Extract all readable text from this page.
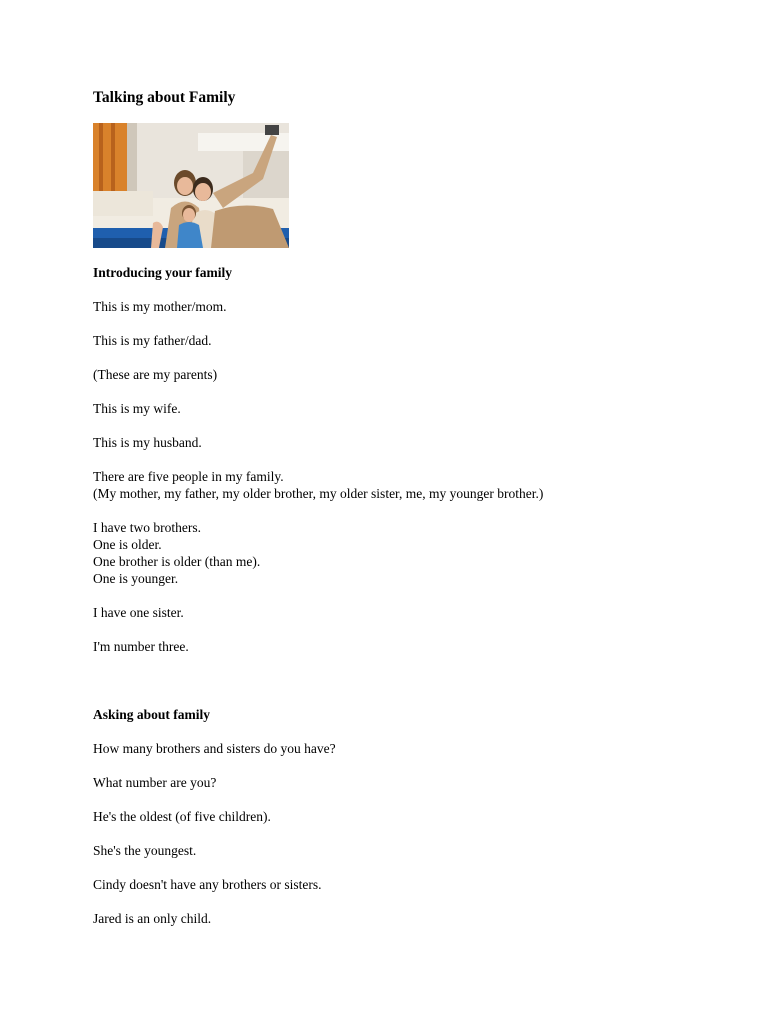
Talking about Family

Introducing your family

This is my mother/mom.

This is my father/dad.

(These are my parents)

This is my wife.

This is my husband.

There are five people in my family.
(My mother, my father, my older brother, my older sister, me, my younger brother.)

I have two brothers.
One is older.
One brother is older (than me).
One is younger.

I have one sister.

I'm number three.

Asking about family

How many brothers and sisters do you have?

What number are you?

He's the oldest (of five children).

She's the youngest.

Cindy doesn't have any brothers or sisters.

Jared is an only child.
